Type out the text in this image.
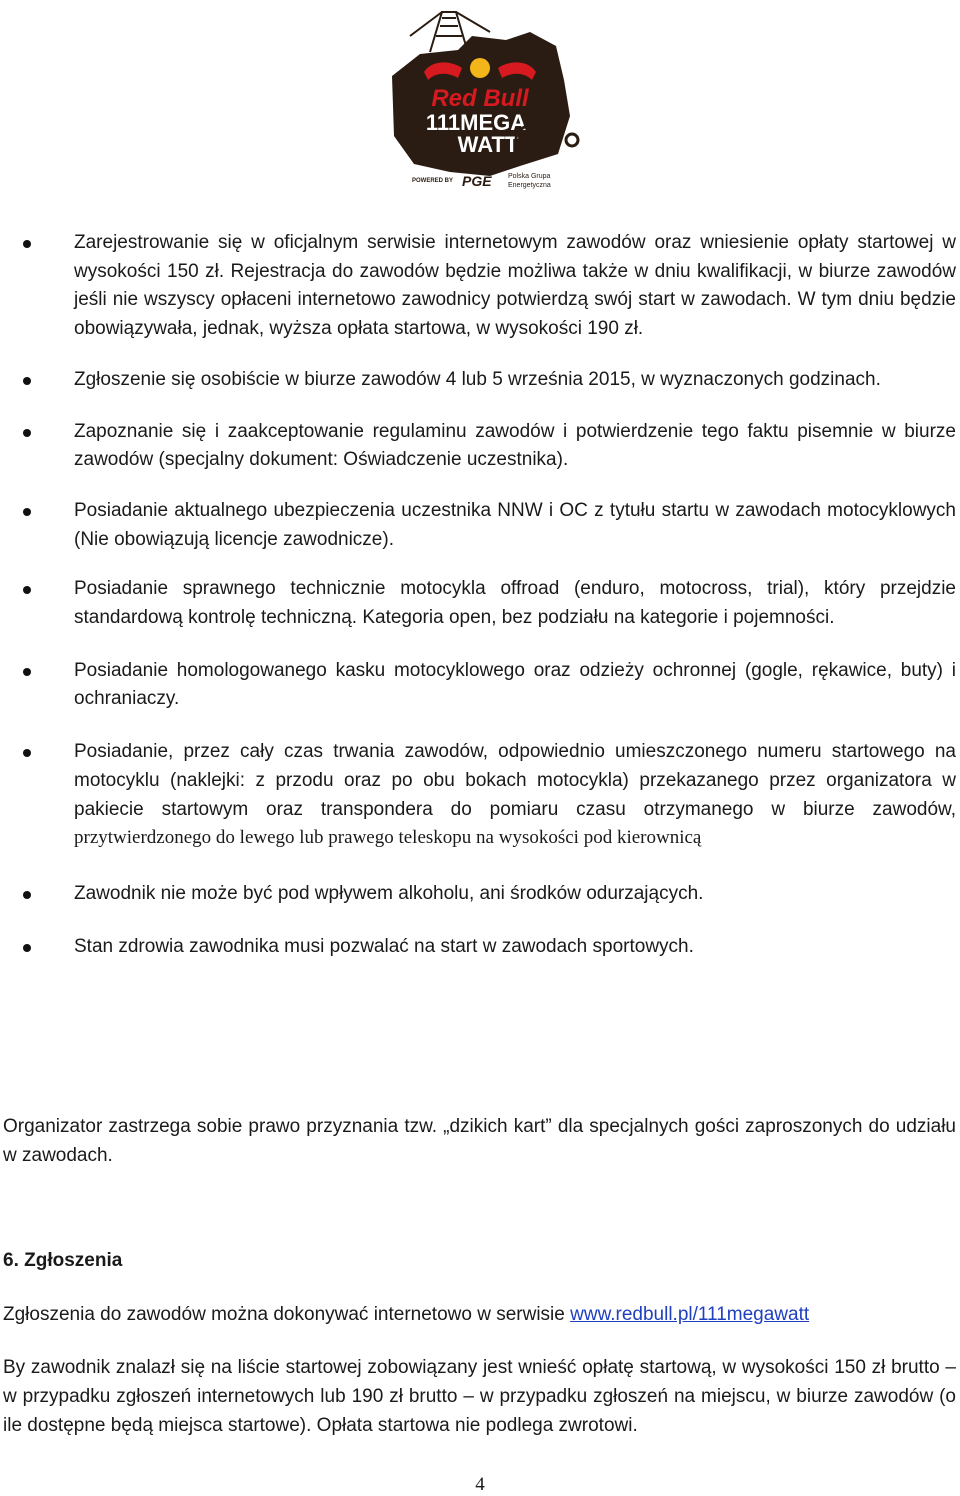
Red Bull
111MEGA
WATT
POWERED BY PGE Polska Grupa
Energetyczna
Zarejestrowanie się w oficjalnym serwisie internetowym zawodów oraz wniesienie opłaty startowej w wysokości 150 zł. Rejestracja do zawodów będzie możliwa także w dniu kwalifikacji, w biurze zawodów jeśli nie wszyscy opłaceni internetowo zawodnicy potwierdzą swój start w zawodach. W tym dniu będzie obowiązywała, jednak, wyższa opłata startowa, w wysokości 190 zł.
Zgłoszenie się osobiście w biurze zawodów 4 lub 5 września 2015, w wyznaczonych godzinach.
Zapoznanie się i zaakceptowanie regulaminu zawodów i potwierdzenie tego faktu pisemnie w biurze zawodów (specjalny dokument: Oświadczenie uczestnika).
Posiadanie aktualnego ubezpieczenia uczestnika NNW i OC z tytułu startu w zawodach motocyklowych (Nie obowiązują licencje zawodnicze).
Posiadanie sprawnego technicznie motocykla offroad (enduro, motocross, trial), który przejdzie standardową kontrolę techniczną. Kategoria open, bez podziału na kategorie i pojemności.
Posiadanie homologowanego kasku motocyklowego oraz odzieży ochronnej (gogle, rękawice, buty) i ochraniaczy.
Posiadanie, przez cały czas trwania zawodów, odpowiednio umieszczonego numeru startowego na motocyklu (naklejki: z przodu oraz po obu bokach motocykla) przekazanego przez organizatora w pakiecie startowym oraz transpondera do pomiaru czasu otrzymanego w biurze zawodów, przytwierdzonego do lewego lub prawego teleskopu na wysokości pod kierownicą
Zawodnik nie może być pod wpływem alkoholu, ani środków odurzających.
Stan zdrowia zawodnika musi pozwalać na start w zawodach sportowych.

Organizator zastrzega sobie prawo przyznania tzw. „dzikich kart” dla specjalnych gości zaproszonych do udziału w zawodach.

6. Zgłoszenia

Zgłoszenia do zawodów można dokonywać internetowo w serwisie www.redbull.pl/111megawatt

By zawodnik znalazł się na liście startowej zobowiązany jest wnieść opłatę startową, w wysokości 150 zł brutto – w przypadku zgłoszeń internetowych lub 190 zł brutto – w przypadku zgłoszeń na miejscu, w biurze zawodów (o ile dostępne będą miejsca startowe). Opłata startowa nie podlega zwrotowi.

4
